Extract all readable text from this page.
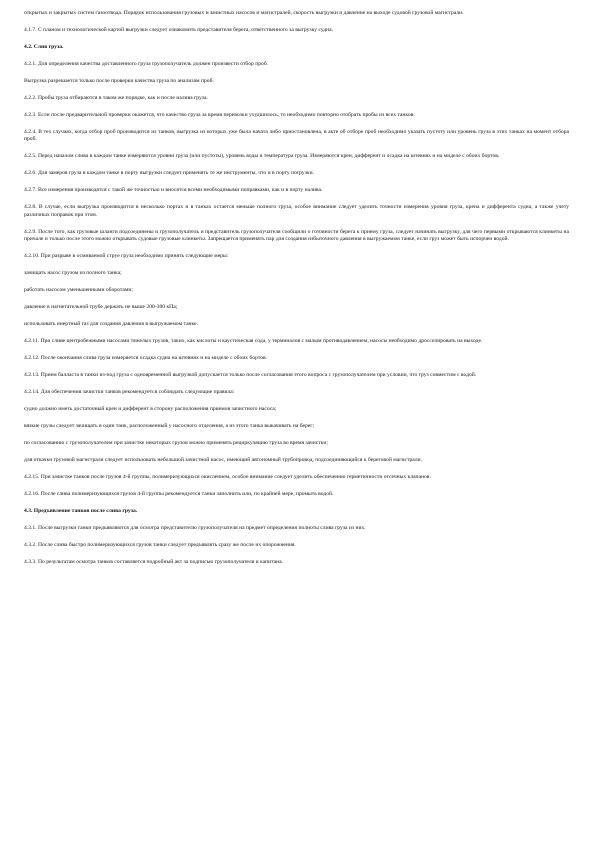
открытых и закрытых систем газоотвода. Порядок использования грузовых и зачистных насосов и магистралей, скорость выгрузки и давление на выходе судовой грузовой магистрали.

4.1.7. С планом и технологической картой выгрузки следует ознакомить представителя берега, ответственного за выгрузку судна.

4.2. Слив груза.

4.2.1. Для определения качества доставленного груза грузополучатель должен произвести отбор проб.

Выгрузка разрешается только после проверки качества груза по анализам проб.

4.2.2. Пробы груза отбираются в таком же порядке, как и после налива груза.

4.2.3. Если после предварительной проверки окажется, что качество груза за время перевозки ухудшилось, то необходимо повторно отобрать пробы из всех танков.

4.2.4. В тех случаях, когда отбор проб производится из танков, выгрузка из которых уже была начата либо приостановлена, в акте об отборе проб необходимо указать пустоту или уровень груза в этих танках на момент отбора проб.

4.2.5. Перед началом слива в каждом танке измеряются уровни груза (или пустоты), уровень воды и температура груза. Измеряются крен, дифферент и осадка на штевнях и на миделе с обоих бортов.

4.2.6. Для замеров груза в каждом танке в порту выгрузки следует применять те же инструменты, что и в порту погрузки.

4.2.7. Все измерения производятся с такой же точностью и вносятся всеми необходимыми поправками, как и в порту налива.

4.2.8. В случае, если выгрузка производится в несколько портах и в танках остается меньше полного груза, особое внимание следует уделить точности измерения уровня груза, крена и дифферента судна, а также учету различных поправок при этом.

4.2.9. После того, как грузовые шланги подсоединены и грузополучатель и представитель грузополучателя сообщили о готовности берега к приему груза, следует начинать выгрузку, для чего первыми открываются клинкеты на причале и только после этого можно открывать судовые грузовые клинкеты. Запрещается применять пар для создания избыточного давления в выгружаемом танке, если груз может быть испорчен водой.

4.2.10. При разрыве в осмиваемой струе груза необходимо принять следующие меры:

зачищать насос грузом из полного танка;

работать насосом уменьшенными оборотами;

давление в нагнетательной трубе держать не выше 200-300 кПа;

использовать инертный газ для создания давления в выгружаемом танке.

4.2.11. При сливе центробежными насосами тяжелых грузов, таких, как кислоты и каустическая сода, у терминалов с малым противодавлением, насосы необходимо дросселировать на выходе.

4.2.12. После окончания слива груза измеряется осадка судна на штевнях и на миделе с обоих бортов.

4.2.13. Прием балласта в танки из-под груза с одновременной выгрузкой допускается только после согласования этого вопроса с грузополучателем при условии, что груз совместим с водой.

4.2.14. Для обеспечения зачистки танков рекомендуется соблюдать следующие правила:

судно должно иметь достаточный крен и дифферент в сторону расположения приемов зачистного насоса;

вязкие грузы следует зачищать в один танк, расположенный у насосного отделения, а из этого танка выкачивать на берег;

по согласованию с грузополучателем при зачистке некоторых грузов можно применять рециркуляцию груза во время зачистки;

для откачки грузовой магистрали следует использовать небольшой зачистной насос, имеющий автономный трубопровод, подсоединяющийся к береговой магистрали.

4.2.15. При зачистке танков после грузов 4-й группы, полимеризующихся окислением, особое внимание следует уделить обеспечению герметичности отсечных клапанов.

4.2.16. После слива полимеризующихся грузов 4-й группы рекомендуется танки заполнить или, по крайней мере, промыть водой.

4.3. Предъявление танков после слива груза.

4.3.1. После выгрузки танки предъявляются для осмотра представителю грузополучателя на предмет определения полноты слива груза из них.

4.3.2. После слива быстро полимеризующихся грузов танки следует предъявлять сразу же после их опорожнения.

4.3.3. По результатам осмотра танков составляется подробный акт за подписью грузополучателя и капитана.
